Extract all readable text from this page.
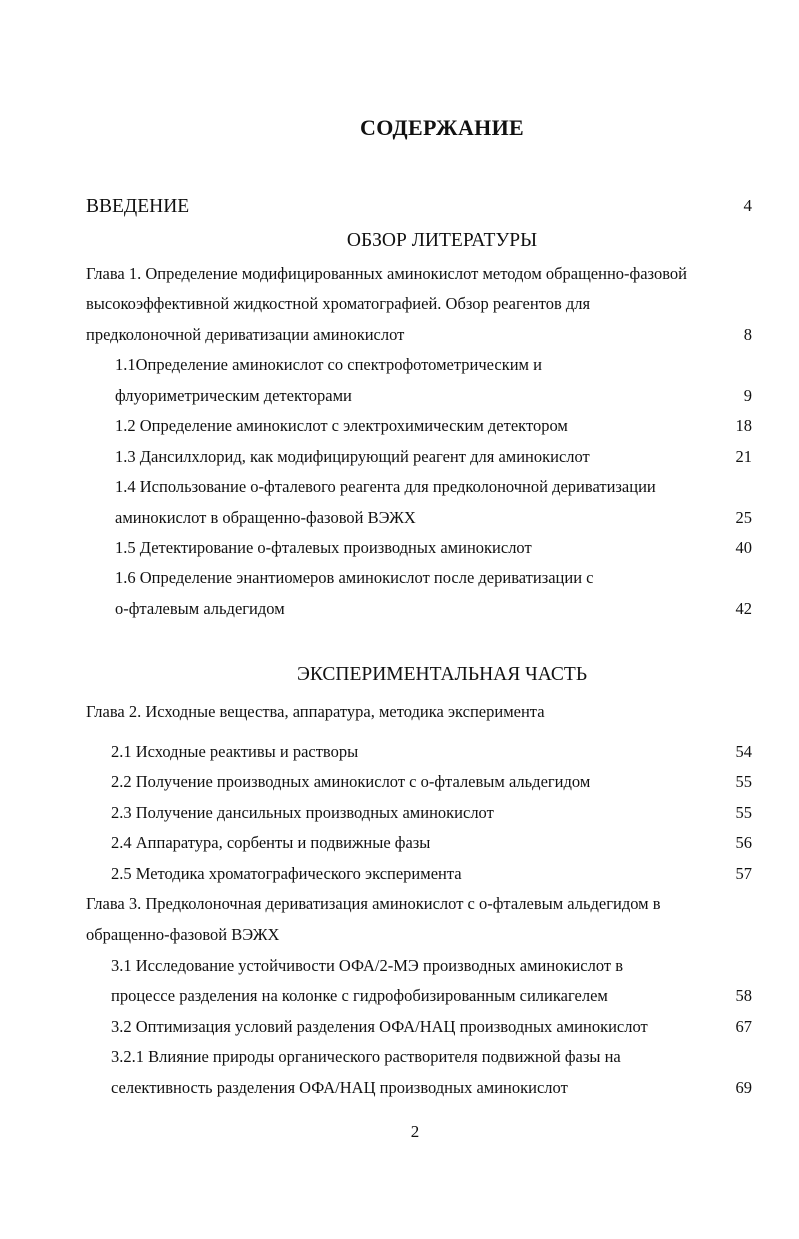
СОДЕРЖАНИЕ
ВВЕДЕНИЕ	4
ОБЗОР ЛИТЕРАТУРЫ
Глава 1. Определение модифицированных аминокислот методом обращенно-фазовой
высокоэффективной жидкостной хроматографией. Обзор реагентов для
предколоночной дериватизации аминокислот	8
1.1Определение аминокислот со спектрофотометрическим и
флуориметрическим детекторами	9
1.2 Определение аминокислот с электрохимическим детектором	18
1.3 Дансилхлорид, как модифицирующий реагент для аминокислот	21
1.4 Использование о-фталевого реагента для предколоночной дериватизации
аминокислот в обращенно-фазовой ВЭЖХ	25
1.5 Детектирование о-фталевых производных аминокислот	40
1.6 Определение энантиомеров аминокислот после дериватизации с
о-фталевым альдегидом	42
ЭКСПЕРИМЕНТАЛЬНАЯ ЧАСТЬ
Глава 2. Исходные вещества, аппаратура, методика эксперимента
2.1 Исходные реактивы и растворы	54
2.2 Получение производных аминокислот с о-фталевым альдегидом	55
2.3 Получение дансильных производных аминокислот	55
2.4 Аппаратура, сорбенты и подвижные фазы	56
2.5 Методика хроматографического эксперимента	57
Глава 3. Предколоночная дериватизация аминокислот с о-фталевым альдегидом в
обращенно-фазовой ВЭЖХ
3.1 Исследование устойчивости ОФА/2-МЭ производных аминокислот в
процессе разделения на колонке с гидрофобизированным силикагелем	58
3.2 Оптимизация условий разделения ОФА/НАЦ производных аминокислот	67
3.2.1 Влияние природы органического растворителя подвижной фазы на
селективность разделения ОФА/НАЦ производных аминокислот	69
2
